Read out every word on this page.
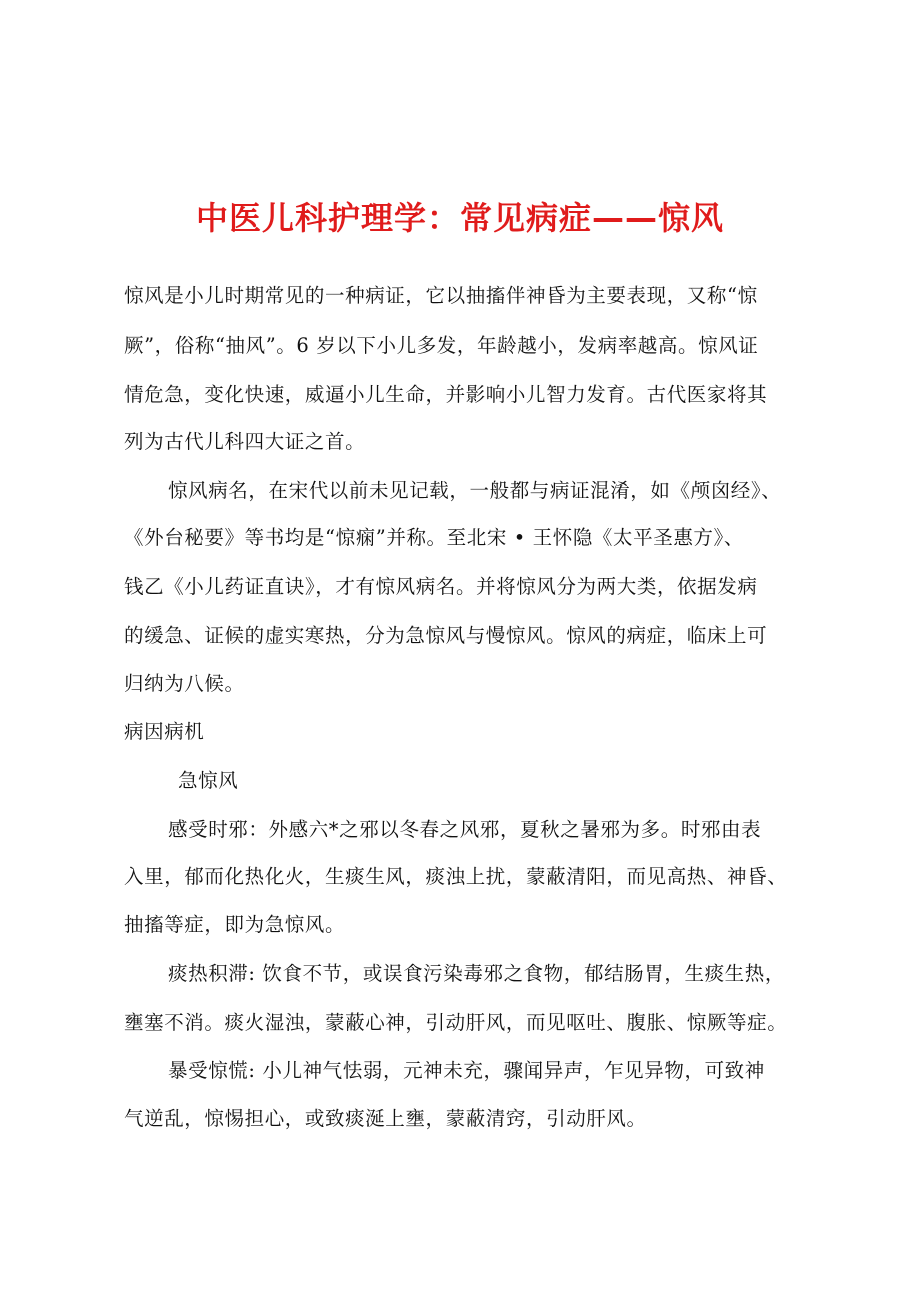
中医儿科护理学：常见病症——惊风
惊风是小儿时期常见的一种病证，它以抽搐伴神昏为主要表现，又称“惊
厥”，俗称“抽风”。6 岁以下小儿多发，年龄越小，发病率越高。惊风证
情危急，变化快速，威逼小儿生命，并影响小儿智力发育。古代医家将其
列为古代儿科四大证之首。
惊风病名，在宋代以前未见记载，一般都与病证混淆，如《颅囟经》、
《外台秘要》等书均是“惊痫”并称。至北宋 • 王怀隐《太平圣惠方》、
钱乙《小儿药证直诀》，才有惊风病名。并将惊风分为两大类，依据发病
的缓急、证候的虚实寒热，分为急惊风与慢惊风。惊风的病症，临床上可
归纳为八候。
病因病机
急惊风
感受时邪：外感六*之邪以冬春之风邪，夏秋之暑邪为多。时邪由表
入里，郁而化热化火，生痰生风，痰浊上扰，蒙蔽清阳，而见高热、神昏、
抽搐等症，即为急惊风。
痰热积滞: 饮食不节，或误食污染毒邪之食物，郁结肠胃，生痰生热，
壅塞不消。痰火湿浊，蒙蔽心神，引动肝风，而见呕吐、腹胀、惊厥等症。
暴受惊慌: 小儿神气怯弱，元神未充，骤闻异声，乍见异物，可致神
气逆乱，惊惕担心，或致痰涎上壅，蒙蔽清窍，引动肝风。
